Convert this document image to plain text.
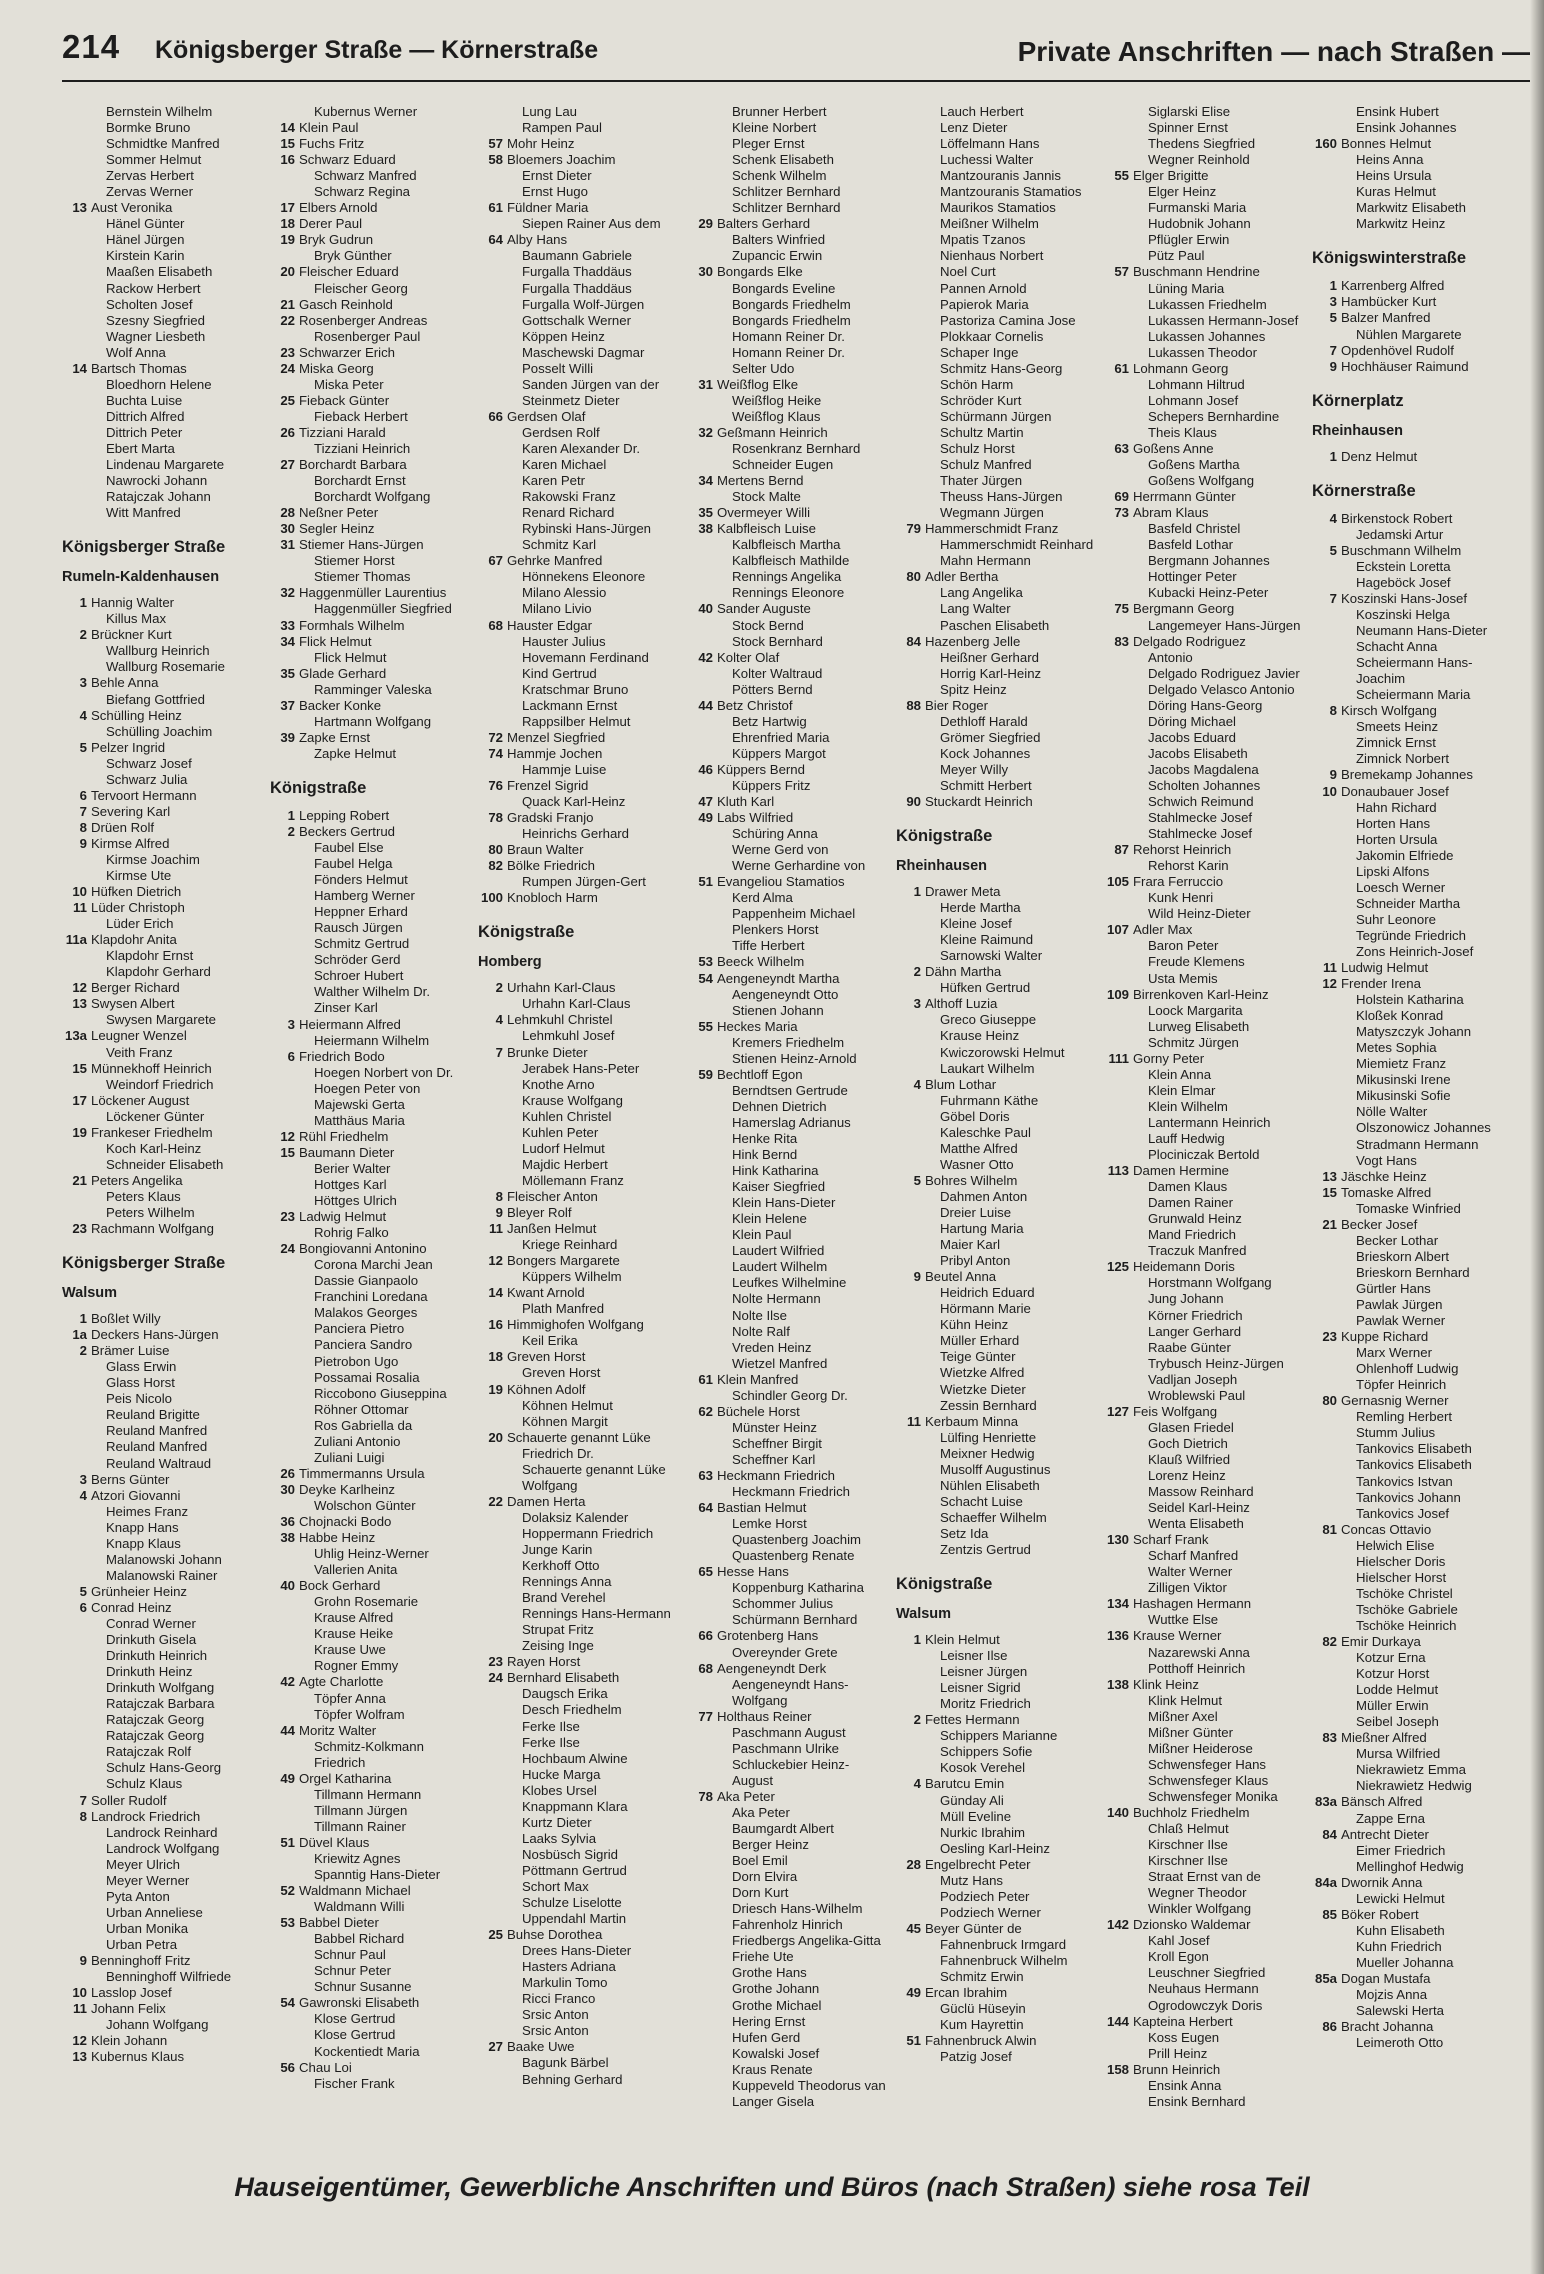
214 Königsberger Straße — Körnerstraße	Private Anschriften — nach Straßen —
Bernstein Wilhelm
Bormke Bruno
Schmidtke Manfred
Sommer Helmut
Zervas Herbert
Zervas Werner
13 Aust Veronika
Hänel Günter
Hänel Jürgen
Kirstein Karin
Maaßen Elisabeth
Rackow Herbert
Scholten Josef
Szesny Siegfried
Wagner Liesbeth
Wolf Anna
14 Bartsch Thomas
Bloedhorn Helene
Buchta Luise
Dittrich Alfred
Dittrich Peter
Ebert Marta
Lindenau Margarete
Nawrocki Johann
Ratajczak Johann
Witt Manfred
Königsberger Straße
Rumeln-Kaldenhausen
1 Hannig Walter
Killus Max
2 Brückner Kurt
Wallburg Heinrich
Wallburg Rosemarie
3 Behle Anna
Biefang Gottfried
4 Schülling Heinz
Schülling Joachim
5 Pelzer Ingrid
Schwarz Josef
Schwarz Julia
6 Tervoort Hermann
7 Severing Karl
8 Drüen Rolf
9 Kirmse Alfred
Kirmse Joachim
Kirmse Ute
10 Hüfken Dietrich
11 Lüder Christoph
Lüder Erich
11a Klapdohr Anita
Klapdohr Ernst
Klapdohr Gerhard
12 Berger Richard
13 Swysen Albert
Swysen Margarete
13a Leugner Wenzel
Veith Franz
15 Münnekhoff Heinrich
Weindorf Friedrich
17 Löckener August
Löckener Günter
19 Frankeser Friedhelm
Koch Karl-Heinz
Schneider Elisabeth
21 Peters Angelika
Peters Klaus
Peters Wilhelm
23 Rachmann Wolfgang
Königsberger Straße
Walsum
1 Boßlet Willy
1a Deckers Hans-Jürgen
2 Brämer Luise
Glass Erwin
Glass Horst
Peis Nicolo
Reuland Brigitte
Reuland Manfred
Reuland Manfred
Reuland Waltraud
3 Berns Günter
4 Atzori Giovanni
Heimes Franz
Knapp Hans
Knapp Klaus
Malanowski Johann
Malanowski Rainer
5 Grünheier Heinz
6 Conrad Heinz
Conrad Werner
Drinkuth Gisela
Drinkuth Heinrich
Drinkuth Heinz
Drinkuth Wolfgang
Ratajczak Barbara
Ratajczak Georg
Ratajczak Georg
Ratajczak Rolf
Schulz Hans-Georg
Schulz Klaus
7 Soller Rudolf
8 Landrock Friedrich
Landrock Reinhard
Landrock Wolfgang
Meyer Ulrich
Meyer Werner
Pyta Anton
Urban Anneliese
Urban Monika
Urban Petra
9 Benninghoff Fritz
Benninghoff Wilfriede
10 Lasslop Josef
11 Johann Felix
Johann Wolfgang
12 Klein Johann
13 Kubernus Klaus
Kubernus Werner
14 Klein Paul
15 Fuchs Fritz
16 Schwarz Eduard
Schwarz Manfred
Schwarz Regina
17 Elbers Arnold
18 Derer Paul
19 Bryk Gudrun
Bryk Günther
20 Fleischer Eduard
Fleischer Georg
21 Gasch Reinhold
22 Rosenberger Andreas
Rosenberger Paul
23 Schwarzer Erich
24 Miska Georg
Miska Peter
25 Fieback Günter
Fieback Herbert
26 Tizziani Harald
Tizziani Heinrich
27 Borchardt Barbara
Borchardt Ernst
Borchardt Wolfgang
28 Neßner Peter
30 Segler Heinz
31 Stiemer Hans-Jürgen
Stiemer Horst
Stiemer Thomas
32 Haggenmüller Laurentius
Haggenmüller Siegfried
33 Formhals Wilhelm
34 Flick Helmut
Flick Helmut
35 Glade Gerhard
Ramminger Valeska
37 Backer Konke
Hartmann Wolfgang
39 Zapke Ernst
Zapke Helmut
Königstraße
1 Lepping Robert
2 Beckers Gertrud
Faubel Else
Faubel Helga
Fönders Helmut
Hamberg Werner
Heppner Erhard
Rausch Jürgen
Schmitz Gertrud
Schröder Gerd
Schroer Hubert
Walther Wilhelm Dr.
Zinser Karl
3 Heiermann Alfred
Heiermann Wilhelm
6 Friedrich Bodo
Hoegen Norbert von Dr.
Hoegen Peter von
Majewski Gerta
Matthäus Maria
12 Rühl Friedhelm
15 Baumann Dieter
Berier Walter
Hottges Karl
Höttges Ulrich
23 Ladwig Helmut
Rohrig Falko
24 Bongiovanni Antonino
Corona Marchi Jean
Dassie Gianpaolo
Franchini Loredana
Malakos Georges
Panciera Pietro
Panciera Sandro
Pietrobon Ugo
Possamai Rosalia
Riccobono Giuseppina
Röhner Ottomar
Ros Gabriella da
Zuliani Antonio
Zuliani Luigi
26 Timmermanns Ursula
30 Deyke Karlheinz
Wolschon Günter
36 Chojnacki Bodo
38 Habbe Heinz
Uhlig Heinz-Werner
Vallerien Anita
40 Bock Gerhard
Grohn Rosemarie
Krause Alfred
Krause Heike
Krause Uwe
Rogner Emmy
42 Agte Charlotte
Töpfer Anna
Töpfer Wolfram
44 Moritz Walter
Schmitz-Kolkmann
Friedrich
49 Orgel Katharina
Tillmann Hermann
Tillmann Jürgen
Tillmann Rainer
51 Düvel Klaus
Kriewitz Agnes
Spanntig Hans-Dieter
52 Waldmann Michael
Waldmann Willi
53 Babbel Dieter
Babbel Richard
Schnur Paul
Schnur Peter
Schnur Susanne
54 Gawronski Elisabeth
Klose Gertrud
Klose Gertrud
Kockentiedt Maria
56 Chau Loi
Fischer Frank
Lung Lau
Rampen Paul
57 Mohr Heinz
58 Bloemers Joachim
Ernst Dieter
Ernst Hugo
61 Füldner Maria
Siepen Rainer Aus dem
64 Alby Hans
Baumann Gabriele
Furgalla Thaddäus
Furgalla Thaddäus
Furgalla Wolf-Jürgen
Gottschalk Werner
Köppen Heinz
Maschewski Dagmar
Posselt Willi
Sanden Jürgen van der
Steinmetz Dieter
66 Gerdsen Olaf
Gerdsen Rolf
Karen Alexander Dr.
Karen Michael
Karen Petr
Rakowski Franz
Renard Richard
Rybinski Hans-Jürgen
Schmitz Karl
67 Gehrke Manfred
Hönnekens Eleonore
Milano Alessio
Milano Livio
68 Hauster Edgar
Hauster Julius
Hovemann Ferdinand
Kind Gertrud
Kratschmar Bruno
Lackmann Ernst
Rappsilber Helmut
72 Menzel Siegfried
74 Hammje Jochen
Hammje Luise
76 Frenzel Sigrid
Quack Karl-Heinz
78 Gradski Franjo
Heinrichs Gerhard
80 Braun Walter
82 Bölke Friedrich
Rumpen Jürgen-Gert
100 Knobloch Harm
Königstraße
Homberg
2 Urhahn Karl-Claus
Urhahn Karl-Claus
4 Lehmkuhl Christel
Lehmkuhl Josef
7 Brunke Dieter
Jerabek Hans-Peter
Knothe Arno
Krause Wolfgang
Kuhlen Christel
Kuhlen Peter
Ludorf Helmut
Majdic Herbert
Möllemann Franz
8 Fleischer Anton
9 Bleyer Rolf
11 Janßen Helmut
Kriege Reinhard
12 Bongers Margarete
Küppers Wilhelm
14 Kwant Arnold
Plath Manfred
16 Himmighofen Wolfgang
Keil Erika
18 Greven Horst
Greven Horst
19 Köhnen Adolf
Köhnen Helmut
Köhnen Margit
20 Schauerte genannt Lüke
Friedrich Dr.
Schauerte genannt Lüke
Wolfgang
22 Damen Herta
Dolaksiz Kalender
Hoppermann Friedrich
Junge Karin
Kerkhoff Otto
Rennings Anna
Brand Verehel
Rennings Hans-Hermann
Strupat Fritz
Zeising Inge
23 Rayen Horst
24 Bernhard Elisabeth
Daugsch Erika
Desch Friedhelm
Ferke Ilse
Ferke Ilse
Hochbaum Alwine
Hucke Marga
Klobes Ursel
Knappmann Klara
Kurtz Dieter
Laaks Sylvia
Nosbüsch Sigrid
Pöttmann Gertrud
Schort Max
Schulze Liselotte
Uppendahl Martin
25 Buhse Dorothea
Drees Hans-Dieter
Hasters Adriana
Markulin Tomo
Ricci Franco
Srsic Anton
Srsic Anton
27 Baake Uwe
Bagunk Bärbel
Behning Gerhard
Brunner Herbert
Kleine Norbert
Pleger Ernst
Schenk Elisabeth
Schenk Wilhelm
Schlitzer Bernhard
Schlitzer Bernhard
29 Balters Gerhard
Balters Winfried
Zupancic Erwin
30 Bongards Elke
Bongards Eveline
Bongards Friedhelm
Bongards Friedhelm
Homann Reiner Dr.
Homann Reiner Dr.
Selter Udo
31 Weißflog Elke
Weißflog Heike
Weißflog Klaus
32 Geßmann Heinrich
Rosenkranz Bernhard
Schneider Eugen
34 Mertens Bernd
Stock Malte
35 Overmeyer Willi
38 Kalbfleisch Luise
Kalbfleisch Martha
Kalbfleisch Mathilde
Rennings Angelika
Rennings Eleonore
40 Sander Auguste
Stock Bernd
Stock Bernhard
42 Kolter Olaf
Kolter Waltraud
Pötters Bernd
44 Betz Christof
Betz Hartwig
Ehrenfried Maria
Küppers Margot
46 Küppers Bernd
Küppers Fritz
47 Kluth Karl
49 Labs Wilfried
Schüring Anna
Werne Gerd von
Werne Gerhardine von
51 Evangeliou Stamatios
Kerd Alma
Pappenheim Michael
Plenkers Horst
Tiffe Herbert
53 Beeck Wilhelm
54 Aengeneyndt Martha
Aengeneyndt Otto
Stienen Johann
55 Heckes Maria
Kremers Friedhelm
Stienen Heinz-Arnold
59 Bechtloff Egon
Berndtsen Gertrude
Dehnen Dietrich
Hamerslag Adrianus
Henke Rita
Hink Bernd
Hink Katharina
Kaiser Siegfried
Klein Hans-Dieter
Klein Helene
Klein Paul
Laudert Wilfried
Laudert Wilhelm
Leufkes Wilhelmine
Nolte Hermann
Nolte Ilse
Nolte Ralf
Vreden Heinz
Wietzel Manfred
61 Klein Manfred
Schindler Georg Dr.
62 Büchele Horst
Münster Heinz
Scheffner Birgit
Scheffner Karl
63 Heckmann Friedrich
Heckmann Friedrich
64 Bastian Helmut
Lemke Horst
Quastenberg Joachim
Quastenberg Renate
65 Hesse Hans
Koppenburg Katharina
Schommer Julius
Schürmann Bernhard
66 Grotenberg Hans
Overeynder Grete
68 Aengeneyndt Derk
Aengeneyndt Hans-
Wolfgang
77 Holthaus Reiner
Paschmann August
Paschmann Ulrike
Schluckebier Heinz-
August
78 Aka Peter
Aka Peter
Baumgardt Albert
Berger Heinz
Boel Emil
Dorn Elvira
Dorn Kurt
Driesch Hans-Wilhelm
Fahrenholz Hinrich
Friedbergs Angelika-Gitta
Friehe Ute
Grothe Hans
Grothe Johann
Grothe Michael
Hering Ernst
Hufen Gerd
Kowalski Josef
Kraus Renate
Kuppeveld Theodorus van
Langer Gisela
Lauch Herbert
Lenz Dieter
Löffelmann Hans
Luchessi Walter
Mantzouranis Jannis
Mantzouranis Stamatios
Maurikos Stamatios
Meißner Wilhelm
Mpatis Tzanos
Nienhaus Norbert
Noel Curt
Pannen Arnold
Papierok Maria
Pastoriza Camina Jose
Plokkaar Cornelis
Schaper Inge
Schmitz Hans-Georg
Schön Harm
Schröder Kurt
Schürmann Jürgen
Schultz Martin
Schulz Horst
Schulz Manfred
Thater Jürgen
Theuss Hans-Jürgen
Wegmann Jürgen
79 Hammerschmidt Franz
Hammerschmidt Reinhard
Mahn Hermann
80 Adler Bertha
Lang Angelika
Lang Walter
Paschen Elisabeth
84 Hazenberg Jelle
Heißner Gerhard
Horrig Karl-Heinz
Spitz Heinz
88 Bier Roger
Dethloff Harald
Grömer Siegfried
Kock Johannes
Meyer Willy
Schmitt Herbert
90 Stuckardt Heinrich
Königstraße
Rheinhausen
1 Drawer Meta
Herde Martha
Kleine Josef
Kleine Raimund
Sarnowski Walter
2 Dähn Martha
Hüfken Gertrud
3 Althoff Luzia
Greco Giuseppe
Krause Heinz
Kwiczorowski Helmut
Laukart Wilhelm
4 Blum Lothar
Fuhrmann Käthe
Göbel Doris
Kaleschke Paul
Matthe Alfred
Wasner Otto
5 Bohres Wilhelm
Dahmen Anton
Dreier Luise
Hartung Maria
Maier Karl
Pribyl Anton
9 Beutel Anna
Heidrich Eduard
Hörmann Marie
Kühn Heinz
Müller Erhard
Teige Günter
Wietzke Alfred
Wietzke Dieter
Zessin Bernhard
11 Kerbaum Minna
Lülfing Henriette
Meixner Hedwig
Musolff Augustinus
Nühlen Elisabeth
Schacht Luise
Schaeffer Wilhelm
Setz Ida
Zentzis Gertrud
Königstraße
Walsum
1 Klein Helmut
Leisner Ilse
Leisner Jürgen
Leisner Sigrid
Moritz Friedrich
2 Fettes Hermann
Schippers Marianne
Schippers Sofie
Kosok Verehel
4 Barutcu Emin
Günday Ali
Müll Eveline
Nurkic Ibrahim
Oesling Karl-Heinz
28 Engelbrecht Peter
Mutz Hans
Podziech Peter
Podziech Werner
45 Beyer Günter de
Fahnenbruck Irmgard
Fahnenbruck Wilhelm
Schmitz Erwin
49 Ercan Ibrahim
Güclü Hüseyin
Kum Hayrettin
51 Fahnenbruck Alwin
Patzig Josef
Siglarski Elise
Spinner Ernst
Thedens Siegfried
Wegner Reinhold
55 Elger Brigitte
Elger Heinz
Furmanski Maria
Hudobnik Johann
Pflügler Erwin
Pütz Paul
57 Buschmann Hendrine
Lüning Maria
Lukassen Friedhelm
Lukassen Hermann-Josef
Lukassen Johannes
Lukassen Theodor
61 Lohmann Georg
Lohmann Hiltrud
Lohmann Josef
Schepers Bernhardine
Theis Klaus
63 Goßens Anne
Goßens Martha
Goßens Wolfgang
69 Herrmann Günter
73 Abram Klaus
Basfeld Christel
Basfeld Lothar
Bergmann Johannes
Hottinger Peter
Kubacki Heinz-Peter
75 Bergmann Georg
Langemeyer Hans-Jürgen
83 Delgado Rodriguez
Antonio
Delgado Rodriguez Javier
Delgado Velasco Antonio
Döring Hans-Georg
Döring Michael
Jacobs Eduard
Jacobs Elisabeth
Jacobs Magdalena
Scholten Johannes
Schwich Reimund
Stahlmecke Josef
Stahlmecke Josef
87 Rehorst Heinrich
Rehorst Karin
105 Frara Ferruccio
Kunk Henri
Wild Heinz-Dieter
107 Adler Max
Baron Peter
Freude Klemens
Usta Memis
109 Birrenkoven Karl-Heinz
Loock Margarita
Lurweg Elisabeth
Schmitz Jürgen
111 Gorny Peter
Klein Anna
Klein Elmar
Klein Wilhelm
Lantermann Heinrich
Lauff Hedwig
Plociniczak Bertold
113 Damen Hermine
Damen Klaus
Damen Rainer
Grunwald Heinz
Mand Friedrich
Traczuk Manfred
125 Heidemann Doris
Horstmann Wolfgang
Jung Johann
Körner Friedrich
Langer Gerhard
Raabe Günter
Trybusch Heinz-Jürgen
Vadljan Joseph
Wroblewski Paul
127 Feis Wolfgang
Glasen Friedel
Goch Dietrich
Klauß Wilfried
Lorenz Heinz
Massow Reinhard
Seidel Karl-Heinz
Wenta Elisabeth
130 Scharf Frank
Scharf Manfred
Walter Werner
Zilligen Viktor
134 Hashagen Hermann
Wuttke Else
136 Krause Werner
Nazarewski Anna
Potthoff Heinrich
138 Klink Heinz
Klink Helmut
Mißner Axel
Mißner Günter
Mißner Heiderose
Schwensfeger Hans
Schwensfeger Klaus
Schwensfeger Monika
140 Buchholz Friedhelm
Chlaß Helmut
Kirschner Ilse
Kirschner Ilse
Straat Ernst van de
Wegner Theodor
Winkler Wolfgang
142 Dzionsko Waldemar
Kahl Josef
Kroll Egon
Leuschner Siegfried
Neuhaus Hermann
Ogrodowczyk Doris
144 Kapteina Herbert
Koss Eugen
Prill Heinz
158 Brunn Heinrich
Ensink Anna
Ensink Bernhard
Ensink Hubert
Ensink Johannes
160 Bonnes Helmut
Heins Anna
Heins Ursula
Kuras Helmut
Markwitz Elisabeth
Markwitz Heinz
Königswinterstraße
1 Karrenberg Alfred
3 Hambücker Kurt
5 Balzer Manfred
Nühlen Margarete
7 Opdenhövel Rudolf
9 Hochhäuser Raimund
Körnerplatz
Rheinhausen
1 Denz Helmut
Körnerstraße
4 Birkenstock Robert
Jedamski Artur
5 Buschmann Wilhelm
Eckstein Loretta
Hageböck Josef
7 Koszinski Hans-Josef
Koszinski Helga
Neumann Hans-Dieter
Schacht Anna
Scheiermann Hans-
Joachim
Scheiermann Maria
8 Kirsch Wolfgang
Smeets Heinz
Zimnick Ernst
Zimnick Norbert
9 Bremekamp Johannes
10 Donaubauer Josef
Hahn Richard
Horten Hans
Horten Ursula
Jakomin Elfriede
Lipski Alfons
Loesch Werner
Schneider Martha
Suhr Leonore
Tegründe Friedrich
Zons Heinrich-Josef
11 Ludwig Helmut
12 Frender Irena
Holstein Katharina
Kloßek Konrad
Matyszczyk Johann
Metes Sophia
Miemietz Franz
Mikusinski Irene
Mikusinski Sofie
Nölle Walter
Olszonowicz Johannes
Stradmann Hermann
Vogt Hans
13 Jäschke Heinz
15 Tomaske Alfred
Tomaske Winfried
21 Becker Josef
Becker Lothar
Brieskorn Albert
Brieskorn Bernhard
Gürtler Hans
Pawlak Jürgen
Pawlak Werner
23 Kuppe Richard
Marx Werner
Ohlenhoff Ludwig
Töpfer Heinrich
80 Gernasnig Werner
Remling Herbert
Stumm Julius
Tankovics Elisabeth
Tankovics Elisabeth
Tankovics Istvan
Tankovics Johann
Tankovics Josef
81 Concas Ottavio
Helwich Elise
Hielscher Doris
Hielscher Horst
Tschöke Christel
Tschöke Gabriele
Tschöke Heinrich
82 Emir Durkaya
Kotzur Erna
Kotzur Horst
Lodde Helmut
Müller Erwin
Seibel Joseph
83 Mießner Alfred
Mursa Wilfried
Niekrawietz Emma
Niekrawietz Hedwig
83a Bänsch Alfred
Zappe Erna
84 Antrecht Dieter
Eimer Friedrich
Mellinghof Hedwig
84a Dwornik Anna
Lewicki Helmut
85 Böker Robert
Kuhn Elisabeth
Kuhn Friedrich
Mueller Johanna
85a Dogan Mustafa
Mojzis Anna
Salewski Herta
86 Bracht Johanna
Leimeroth Otto
Hauseigentümer, Gewerbliche Anschriften und Büros (nach Straßen) siehe rosa Teil
